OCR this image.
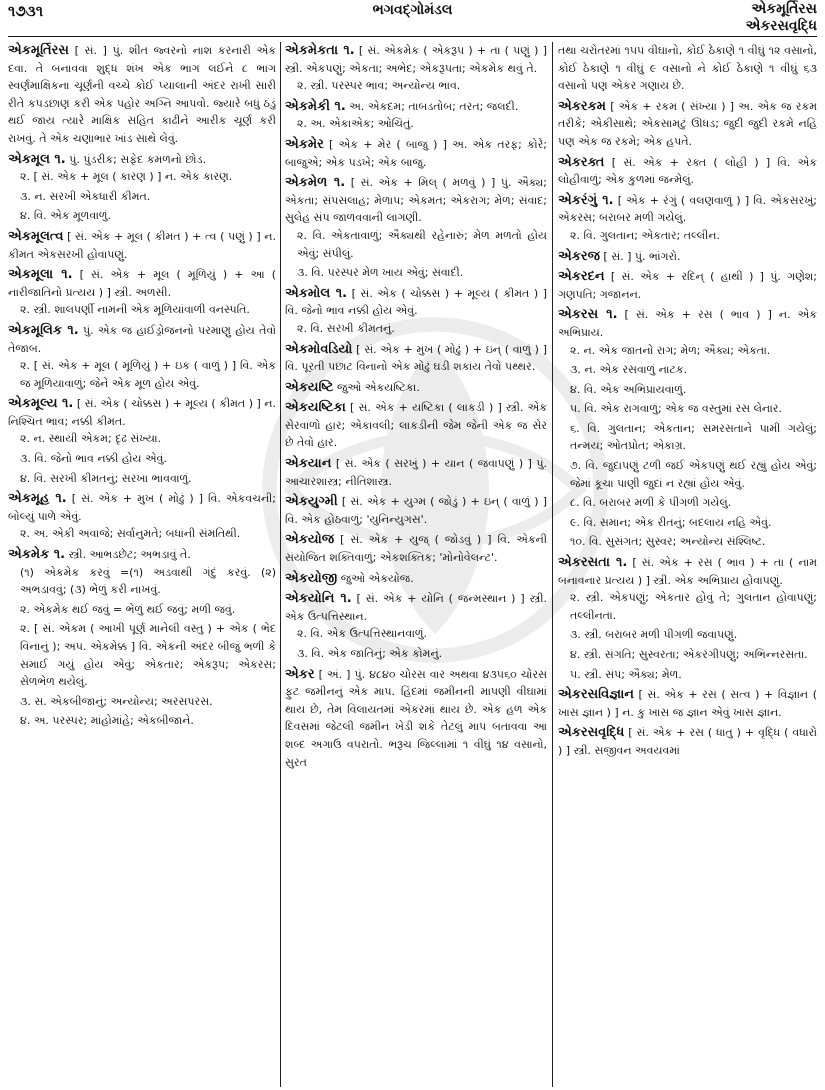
૧૭૩૧	ભગવદ્ગોમંડલ	એકમૂર્તિરસ
એકરસવૃદ્ધિ

એકમૂર્તિરસ [ સં. ] પું. શીત જ્વરનો નાશ કરનારી એક દવા. તે બનાવવા શુદ્ધ શંખ એક ભાગ લઈને ૮ ભાગ સ્વર્ણમાક્ષિકના ચૂર્ણની વચ્ચે કોઈ પ્યાલાની અંદર રાખી સારી રીતે કપડછાણ કરી એક પહોર અગ્નિ આપવો. જ્યારે બધું ઠંડું થઈ જાય ત્યારે માક્ષિક સહિત કાઢીને આરીક ચૂર્ણ કરી રાખવું. તે એક ચણાભાર ખાંડ સાથે લેવું.

એકમૂલ ૧. પું. પુંડરીક; સફેદ કમળનો છોડ.

૨. [ સં. એક + મૂલ ( કારણ ) ] ન. એક કારણ.

૩. ન. સરખી એકધારી કીમત.

૪. વિ. એક મૂળવાળું.

એકમૂલત્વ [ સં. એક + મૂલ ( કીમત ) + ત્વ ( પણું ) ] ન. કીમત એકસરખી હોવાપણું.

એકમૂલા ૧. [ સં. એક + મૂલ ( મૂળિયું ) + આ ( નારીજાતિનો પ્રત્યય ) ] સ્ત્રી. અળસી.

૨. સ્ત્રી. શાલપર્ણી નામની એક મૂળિયાંવાળી વનસ્પતિ.

એકમૂલિક ૧. પું. એક જ હાઈડ્રોજનનો પરમાણુ હોય તેવો તેજાબ.

૨. [ સં. એક + મૂલ ( મૂળિયું ) + ઇક ( વાળું ) ] વિ. એક જ મૂળિયાવાળું; જેને એક મૂળ હોય એવું.

એકમૂલ્ય ૧. [ સં. એક ( ચોક્કસ ) + મૂલ્ય ( કીમત ) ] ન. નિશ્ચિત ભાવ; નક્કી કીમત.

૨. ન. સ્થાયી એકમ; દૃઢ સંખ્યા.

૩. વિ. જેનો ભાવ નક્કી હોય એવું.

૪. વિ. સરખી કીમતનું; સરખા ભાવવાળું.

એકમૂહ ૧. [ સં. એક + મુખ ( મોઢું ) ] વિ. એકવચની; બોલ્યું પાળે એવું.

૨. અ. એકી અવાજે; સર્વાનુમતે; બધાંની સંમતિથી.

એકમેક ૧. સ્ત્રી. આભડછેટ; અભડાવું તે.

(૧) એકમેક કરવું =(૧) અડવાથી ગંદું કરવું. (૨) અભડાવવું; (૩) ભેળું કરી નાખવું.

૨. એકમેક થઈ જવું = ભેળું થઈ જવું; મળી જવું.

૨. [ સં. એકમ ( આખી પૂર્ણ માનેલી વસ્તુ ) + એક ( ભેદ વિનાનું ); અપ. એકમેક્ક ] વિ. એકની અંદર બીજું ભળી કે સમાઈ ગયું હોય એવું; એકતાર; એકરૂપ; એકરસ; સેળભેળ થયેલું.

૩. સ. એકબીજાનું; અન્યોન્ય; અરસપરસ.

૪. અ. પરસ્પર; માંહોમાંહે; એકબીજાને.

એકમેકતા ૧. [ સં. એકમેક ( એકરૂપ ) + તા ( પણું ) ] સ્ત્રી. એકપણું; એકતા; અભેદ; એકરૂપતા; એકમેક થવું તે.

૨. સ્ત્રી. પરસ્પર ભાવ; અન્યોન્ય ભાવ.

એકમેકી ૧. અ. એકદમ; તાબડતોબ; તરત; જલદી.

૨. અ. એકાએક; ઓચિંતું.

એકમેર [ એક + મેર ( બાજુ ) ] અ. એક તરફ; કોરે; બાજુએ; એક પડખે; એક બાજુ.

એકમેળ ૧. [ સં. એક + મિલ્ ( મળવું ) ] પું. ઐક્ય; એકતા; સંપસલાહ; મેળાપ; એકમત; એકરાગ; મેળ; સંવાદ; સુલેહ સંપ જાળવવાની લાગણી.

૨. વિ. એકતાવાળું; ઐક્યથી રહેનારું; મેળ મળતો હોય એવું; સંપીલું.

૩. વિ. પરસ્પર મેળ ખાય એવું; સંવાદી.

એકમોલ ૧. [ સં. એક ( ચોક્કસ ) + મૂલ્ય ( કીમત ) ] વિ. જેનો ભાવ નક્કી હોય એવું.

૨. વિ. સરખી કીમતનું.

એકમોવડિયો [ સં. એક + મુખ ( મોઢું ) + ઇન્ ( વાળું ) ] વિ. પૂરતી પછાટ વિનાનો એક મોઢું ઘડી શકાય તેવો પથ્થર.

એકયષ્ટિ જુઓ એકયષ્ટિકા.

એકયષ્ટિકા [ સં. એક + યષ્ટિકા ( લાકડી ) ] સ્ત્રી. એક સેરવાળો હાર; એકાવલી; લાકડીની જેમ જેની એક જ સેર છે તેવો હાર.

એકયાન [ સં. એક ( સરખું ) + યાન ( જવાપણું ) ] પું. આચારશાસ્ત્ર; નીતિશાસ્ત્ર.

એકયુગ્મી [ સં. એક + યુગ્મ ( જોડું ) + ઇન્ ( વાળું ) ] વિ. એક હોઠવાળું; 'યુનિન્યુગસ'.

એકયોજ [ સં. એક + યુજ્ ( જોડવું ) ] વિ. એકની સંયોજિત શક્તિવાળું; એકશક્તિક; 'મોનોવેલન્ટ'.

એકયોજી જુઓ એકયોજ.

એકયોનિ ૧. [ સં. એક + યોનિ ( જન્મસ્થાન ) ] સ્ત્રી. એક ઉત્પત્તિસ્થાન.

૨. વિ. એક ઉત્પત્તિસ્થાનવાળું.

૩. વિ. એક જાતિનું; એક કોમનું.

એકર [ અં. ] પું. ૪૮૪૦ ચોરસ વાર અથવા ૪૩૫૬૦ ચોરસ ફુટ જમીનનું એક માપ. હિંદમાં જમીનની માપણી વીઘામાં થાય છે, તેમ વિલાયતમાં એકરમાં થાય છે. એક હળ એક દિવસમાં જેટલી જમીન ખેડી શકે તેટલું માપ બતાવવા આ શબ્દ અગાઉ વપરાતો. ભરૂચ જિલ્લામાં ૧ વીઘું ૧૪ વસાનો, સુરત

તથા ચરોતરમાં ૧૫૫ વીઘાનો, કોઈ ઠેકાણે ૧ વીઘું ૧૨ વસાનો, કોઈ ઠેકાણે ૧ વીઘું ૯ વસાનો ને કોઈ ઠેકાણે ૧ વીઘું ૬૩ વસાનો પણ એકર ગણાય છે.

એકરકમ [ એક + રકમ ( સંખ્યા ) ] અ. એક જ રકમ તરીકે; એકીસાથે; એકસામટું ઊધડ; જુદી જુદી રકમે નહિ પણ એક જ રકમે; એક હપતે.

એકરક્ત [ સં. એક + રક્ત ( લોહી ) ] વિ. એક લોહીવાળું; એક કુળમાં જન્મેલું.

એકરંગું ૧. [ એક + રંગું ( વલણવાળું ) ] વિ. એકસરખું; એકરસ; બરાબર મળી ગયેલું.

૨. વિ. ગુલતાન; એકતાર; તલ્લીન.

એકરજ [ સં. ] પું. ભાંગરો.

એકરદન [ સં. એક + રદિન્ ( હાથી ) ] પું. ગણેશ; ગણપતિ; ગજાનન.

એકરસ ૧. [ સં. એક + રસ ( ભાવ ) ] ન. એક અભિપ્રાય.

૨. ન. એક જાતનો રાગ; મેળ; ઐક્ય; એકતા.

૩. ન. એક રસવાળું નાટક.

૪. વિ. એક અભિપ્રાયવાળું.

૫. વિ. એક રાગવાળું; એક જ વસ્તુમાં રસ લેનાર.

૬. વિ. ગુલતાન; એકતાન; સમરસતાને પામી ગયેલું; તન્મય; ઓતપ્રોત; એકાગ્ર.

૭. વિ. જુદાપણું ટળી જઈ એકપણું થઈ રહ્યું હોય એવું; જેમાં કૂચા પાણી જુદાં ન રહ્યાં હોય એવું.

૮. વિ. બરાબર મળી કે પીગળી ગયેલું.

૯. વિ. સમાન; એક રીતનું; બદલાય નહિ એવું.

૧૦. વિ. સુસંગત; સુસ્વર; અન્યોન્ય સંશ્લિષ્ટ.

એકરસતા ૧. [ સં. એક + રસ ( ભાવ ) + તા ( નામ બનાવનાર પ્રત્યય ) ] સ્ત્રી. એક અભિપ્રાય હોવાપણું.

૨. સ્ત્રી. એકપણું; એકતાર હોવું તે; ગુલતાન હોવાપણું; તલ્લીનતા.

૩. સ્ત્રી. બરાબર મળી પીગળી જવાપણું.

૪. સ્ત્રી. સંગતિ; સુસ્વરતા; એકરંગીપણું; અભિન્નરસતા.

૫. સ્ત્રી. સંપ; ઐક્ય; મેળ.

એકરસવિજ્ઞાન [ સં. એક + રસ ( સત્વ ) + વિજ્ઞાન ( ખાસ જ્ઞાન ) ] ન. કુ ખાસ જ જ્ઞાન એવું ખાસ જ્ઞાન.

એકરસવૃદ્ધિ [ સં. એક + રસ ( ધાતુ ) + વૃદ્ધિ ( વધારો ) ] સ્ત્રી. સજીવન અવયવમાં
